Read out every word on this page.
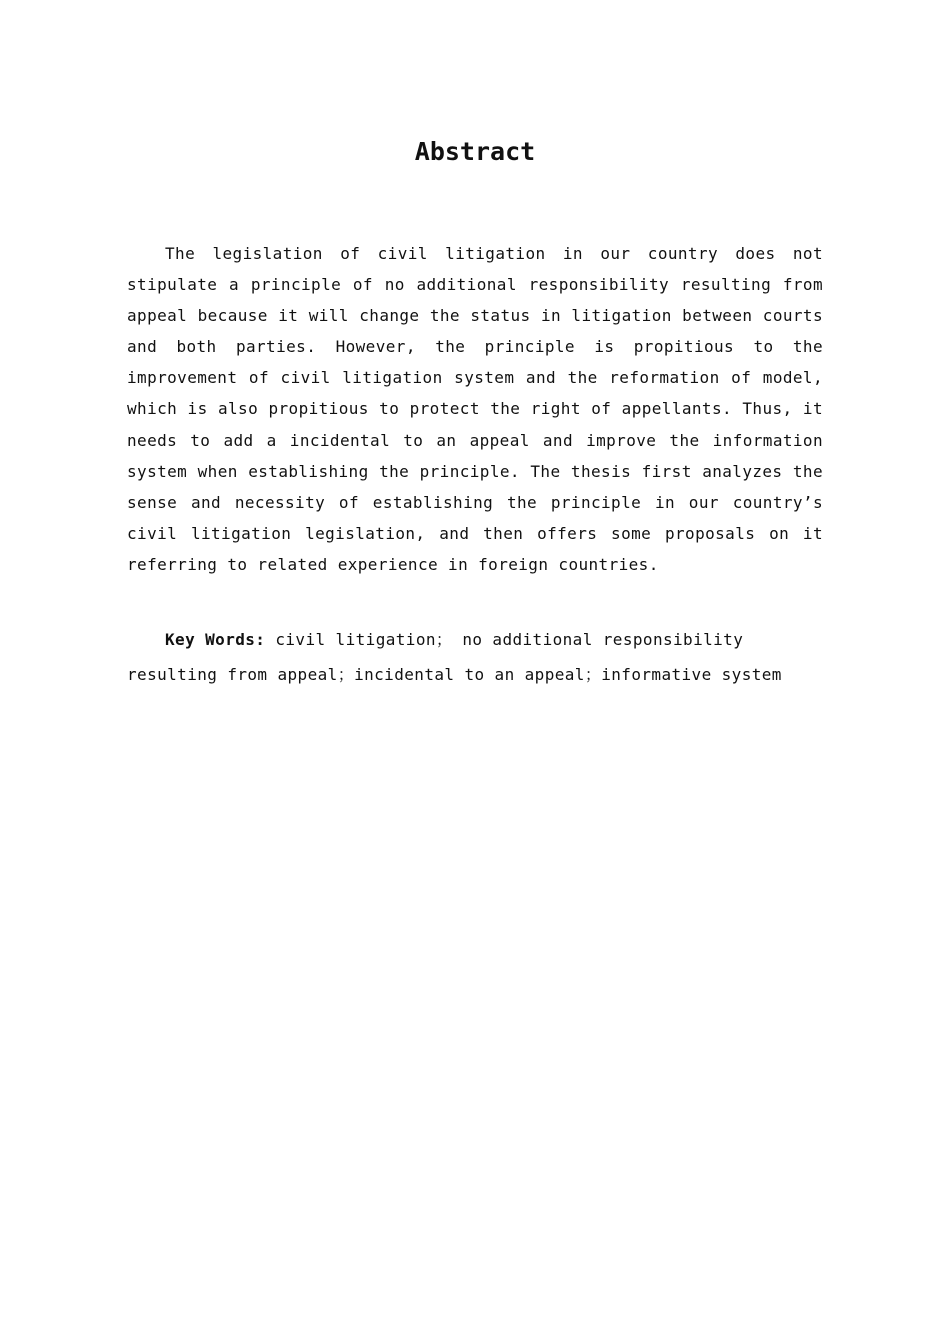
Abstract

The legislation of civil litigation in our country does not stipulate a principle of no additional responsibility resulting from appeal because it will change the status in litigation between courts and both parties. However, the principle is propitious to the improvement of civil litigation system and the reformation of model, which is also propitious to protect the right of appellants. Thus, it needs to add a incidental to an appeal and improve the information system when establishing the principle. The thesis first analyzes the sense and necessity of establishing the principle in our country’s civil litigation legislation, and then offers some proposals on it referring to related experience in foreign countries.

Key Words: civil litigation； no additional responsibility resulting from appeal；incidental to an appeal；informative system
